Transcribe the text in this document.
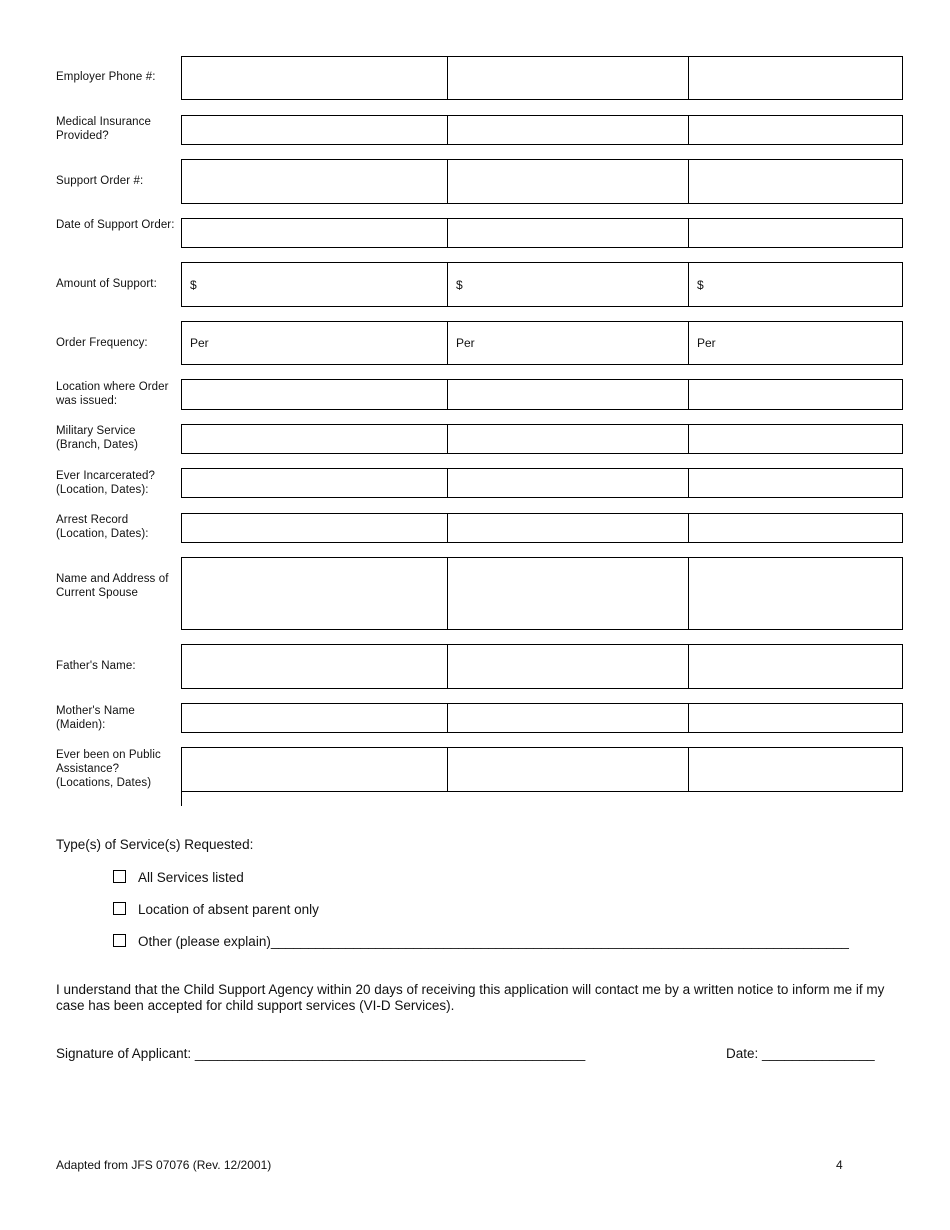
Employer Phone #:
Medical Insurance Provided?
Support Order #:
Date of Support Order:
Amount of Support:	$	$	$
Order Frequency:	Per	Per	Per
Location where Order was issued:
Military Service (Branch, Dates)
Ever Incarcerated? (Location, Dates):
Arrest Record (Location, Dates):
Name and Address of Current Spouse
Father's Name:
Mother's Name (Maiden):
Ever been on Public Assistance? (Locations, Dates)
Type(s) of Service(s) Requested:
All Services listed
Location of absent parent only
Other (please explain)_____________________________________________________________________________
I understand that the Child Support Agency within 20 days of receiving this application will contact me by a written notice to inform me if my case has been accepted for child support services (VI-D Services).
Signature of Applicant: ____________________________________________________	Date: _______________
Adapted from JFS 07076 (Rev. 12/2001)	4
